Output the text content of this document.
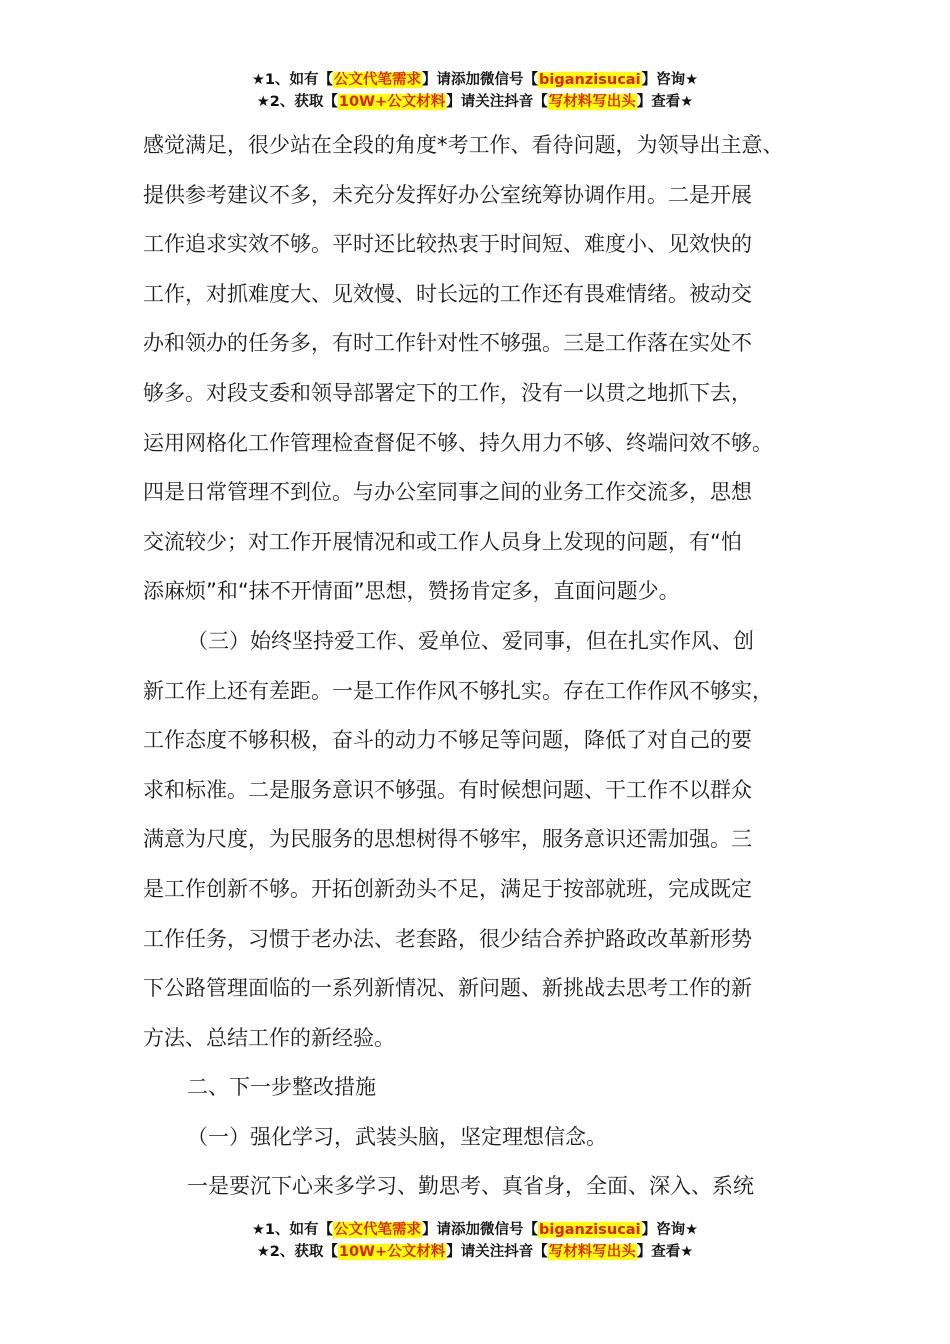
★1、如有【公文代笔需求】请添加微信号【biganzisucai】咨询★
★2、获取【10W+公文材料】请关注抖音【写材料写出头】查看★
感觉满足，很少站在全段的角度*考工作、看待问题，为领导出主意、
提供参考建议不多，未充分发挥好办公室统筹协调作用。二是开展
工作追求实效不够。平时还比较热衷于时间短、难度小、见效快的
工作，对抓难度大、见效慢、时长远的工作还有畏难情绪。被动交
办和领办的任务多，有时工作针对性不够强。三是工作落在实处不
够多。对段支委和领导部署定下的工作，没有一以贯之地抓下去，
运用网格化工作管理检查督促不够、持久用力不够、终端问效不够。
四是日常管理不到位。与办公室同事之间的业务工作交流多，思想
交流较少；对工作开展情况和或工作人员身上发现的问题，有“怕
添麻烦”和“抹不开情面”思想，赞扬肯定多，直面问题少。
（三）始终坚持爱工作、爱单位、爱同事，但在扎实作风、创
新工作上还有差距。一是工作作风不够扎实。存在工作作风不够实，
工作态度不够积极，奋斗的动力不够足等问题，降低了对自己的要
求和标准。二是服务意识不够强。有时候想问题、干工作不以群众
满意为尺度，为民服务的思想树得不够牢，服务意识还需加强。三
是工作创新不够。开拓创新劲头不足，满足于按部就班，完成既定
工作任务，习惯于老办法、老套路，很少结合养护路政改革新形势
下公路管理面临的一系列新情况、新问题、新挑战去思考工作的新
方法、总结工作的新经验。
二、下一步整改措施
（一）强化学习，武装头脑，坚定理想信念。
一是要沉下心来多学习、勤思考、真省身，全面、深入、系统
★1、如有【公文代笔需求】请添加微信号【biganzisucai】咨询★
★2、获取【10W+公文材料】请关注抖音【写材料写出头】查看★
